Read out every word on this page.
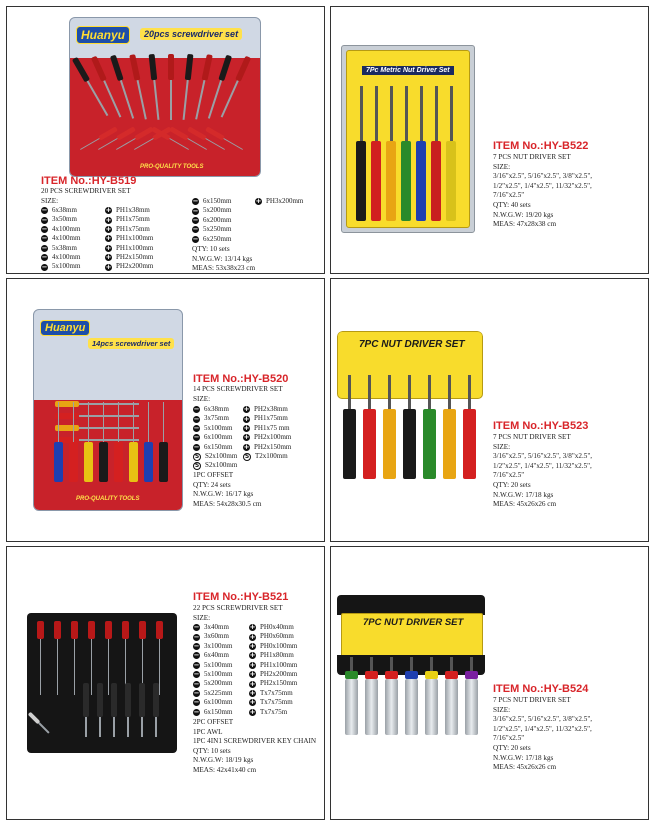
Huanyu	20pcs screwdriver set
PRO-QUALITY TOOLS
ITEM No.:HY-B519
20 PCS SCREWDRIVER SET
SIZE:
− 6x38mm
− 3x50mm
− 4x100mm
− 4x100mm
− 5x38mm
− 4x100mm
− 5x100mm
+ PH1x38mm
+ PH1x75mm
+ PH1x75mm
+ PH1x100mm
+ PH1x100mm
+ PH2x150mm
+ PH2x200mm
− 6x150mm
− 5x200mm
− 6x200mm
− 5x250mm
− 6x250mm
+ PH3x200mm
QTY: 10 sets
N.W.G.W: 13/14 kgs
MEAS: 53x38x23 cm
7Pc Metric Nut Driver Set
ITEM No.:HY-B522
7 PCS NUT DRIVER SET
SIZE:
3/16"x2.5", 5/16"x2.5", 3/8"x2.5",
1/2"x2.5", 1/4"x2.5", 11/32"x2.5",
7/16"x2.5"
QTY: 40 sets
N.W.G.W: 19/20 kgs
MEAS: 47x28x38 cm
Huanyu
14pcs screwdriver set
PRO-QUALITY TOOLS
ITEM No.:HY-B520
14 PCS SCREWDRIVER SET
SIZE:
− 6x38mm
− 3x75mm
− 5x100mm
− 6x100mm
− 6x150mm
S S2x100mm
S S2x100mm
+ PH2x38mm
+ PH1x75mm
+ PH1x75 mm
+ PH2x100mm
+ PH2x150mm
S T2x100mm
1PC OFFSET
QTY: 24 sets
N.W.G.W: 16/17 kgs
MEAS: 54x28x30.5 cm
7PC NUT DRIVER SET
ITEM No.:HY-B523
7 PCS NUT DRIVER SET
SIZE:
3/16"x2.5", 5/16"x2.5", 3/8"x2.5",
1/2"x2.5", 1/4"x2.5", 11/32"x2.5",
7/16"x2.5"
QTY: 20 sets
N.W.G.W: 17/18 kgs
MEAS: 45x26x26 cm
ITEM No.:HY-B521
22 PCS SCREWDRIVER SET
SIZE:
− 3x40mm
− 3x60mm
− 3x100mm
− 6x40mm
− 5x100mm
− 5x100mm
− 5x200mm
− 5x225mm
− 6x100mm
− 6x150mm
+ PH0x40mm
+ PH0x60mm
+ PH0x100mm
+ PH1x80mm
+ PH1x100mm
+ PH2x200mm
+ PH2x150mm
+ Tx7x75mm
+ Tx7x75mm
+ Tx7x75m
2PC OFFSET
1PC AWL
1PC 4IN1 SCREWDRIVER KEY CHAIN
QTY: 10 sets
N.W.G.W: 18/19 kgs
MEAS: 42x41x40 cm
7PC NUT DRIVER SET
ITEM No.:HY-B524
7 PCS NUT DRIVER SET
SIZE:
3/16"x2.5", 5/16"x2.5", 3/8"x2.5",
1/2"x2.5", 1/4"x2.5", 11/32"x2.5",
7/16"x2.5"
QTY: 20 sets
N.W.G.W: 17/18 kgs
MEAS: 45x26x26 cm
